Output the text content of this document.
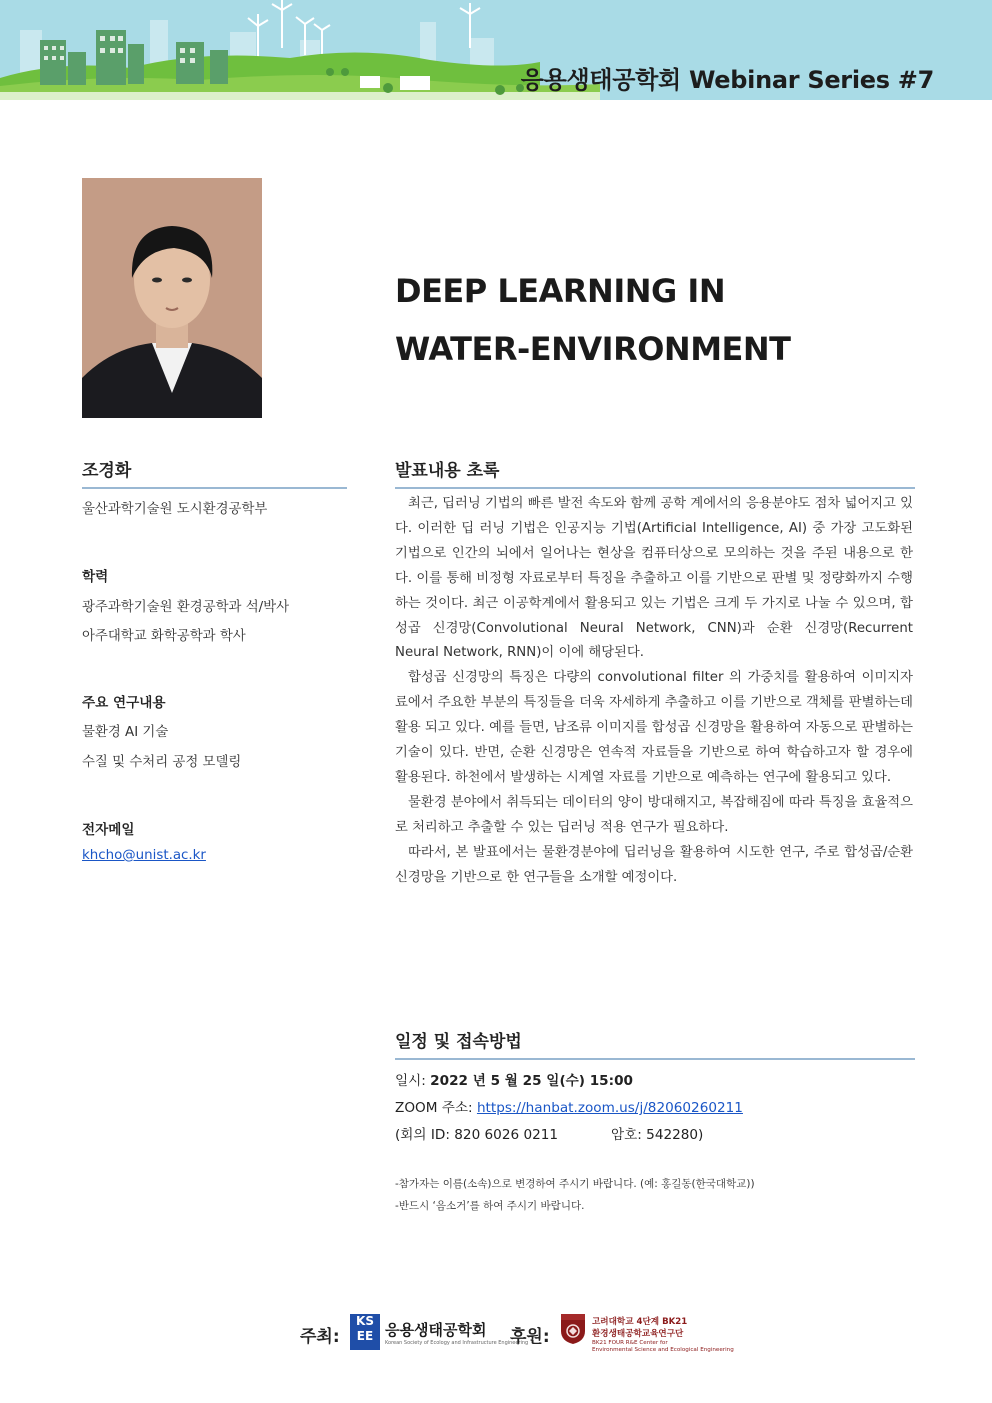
응용생태공학회 Webinar Series #7
DEEP LEARNING IN
WATER-ENVIRONMENT
조경화
울산과학기술원 도시환경공학부
학력
광주과학기술원 환경공학과 석/박사
아주대학교 화학공학과 학사
주요 연구내용
물환경 AI 기술
수질 및 수처리 공정 모델링
전자메일
khcho@unist.ac.kr
발표내용 초록

최근, 딥러닝 기법의 빠른 발전 속도와 함께 공학 계에서의 응용분야도 점차 넓어지고 있다. 이러한 딥 러닝 기법은 인공지능 기법(Artificial Intelligence, AI) 중 가장 고도화된 기법으로 인간의 뇌에서 일어나는 현상을 컴퓨터상으로 모의하는 것을 주된 내용으로 한다. 이를 통해 비정형 자료로부터 특징을 추출하고 이를 기반으로 판별 및 정량화까지 수행하는 것이다. 최근 이공학계에서 활용되고 있는 기법은 크게 두 가지로 나눌 수 있으며, 합성곱 신경망(Convolutional Neural Network, CNN)과 순환 신경망(Recurrent Neural Network, RNN)이 이에 해당된다.

합성곱 신경망의 특징은 다량의 convolutional filter 의 가중치를 활용하여 이미지자료에서 주요한 부분의 특징들을 더욱 자세하게 추출하고 이를 기반으로 객체를 판별하는데 활용 되고 있다. 예를 들면, 남조류 이미지를 합성곱 신경망을 활용하여 자동으로 판별하는 기술이 있다. 반면, 순환 신경망은 연속적 자료들을 기반으로 하여 학습하고자 할 경우에 활용된다. 하천에서 발생하는 시계열 자료를 기반으로 예측하는 연구에 활용되고 있다.

물환경 분야에서 취득되는 데이터의 양이 방대해지고, 복잡해짐에 따라 특징을 효율적으로 처리하고 추출할 수 있는 딥러닝 적용 연구가 필요하다.

따라서, 본 발표에서는 물환경분야에 딥러닝을 활용하여 시도한 연구, 주로 합성곱/순환 신경망을 기반으로 한 연구들을 소개할 예정이다.

일정 및 접속방법
일시: 2022 년 5 월 25 일(수) 15:00
ZOOM 주소: https://hanbat.zoom.us/j/82060260211
(회의 ID: 820 6026 0211	암호: 542280)
-참가자는 이름(소속)으로 변경하여 주시기 바랍니다. (예: 홍길동(한국대학교))
-반드시 ‘음소거’를 하여 주시기 바랍니다.
주최:
KS EE 응용생태공학회
Korean Society of Ecology and Infrastructure Engineering
후원:
고려대학교 4단계 BK21
환경생태공학교육연구단
BK21 FOUR R&E Center for
Environmental Science and Ecological Engineering
